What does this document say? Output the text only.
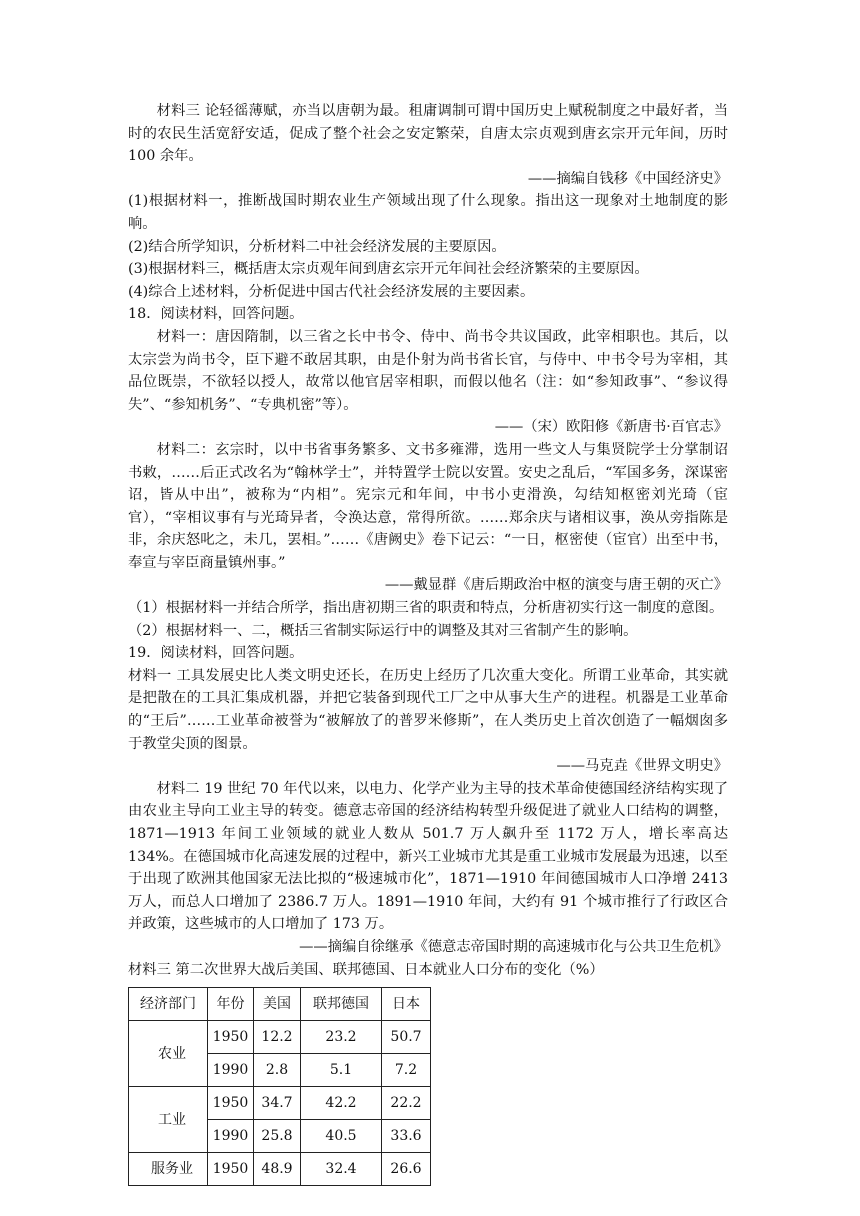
材料三 论轻徭薄赋，亦当以唐朝为最。租庸调制可谓中国历史上赋税制度之中最好者，当时的农民生活宽舒安适，促成了整个社会之安定繁荣，自唐太宗贞观到唐玄宗开元年间，历时 100 余年。

——摘编自钱移《中国经济史》

(1)根据材料一，推断战国时期农业生产领域出现了什么现象。指出这一现象对土地制度的影响。

(2)结合所学知识，分析材料二中社会经济发展的主要原因。

(3)根据材料三，概括唐太宗贞观年间到唐玄宗开元年间社会经济繁荣的主要原因。

(4)综合上述材料，分析促进中国古代社会经济发展的主要因素。

18．阅读材料，回答问题。

材料一：唐因隋制，以三省之长中书令、侍中、尚书令共议国政，此宰相职也。其后，以太宗尝为尚书令，臣下避不敢居其职，由是仆射为尚书省长官，与侍中、中书令号为宰相，其品位既崇，不欲轻以授人，故常以他官居宰相职，而假以他名（注：如“参知政事”、“参议得失”、“参知机务”、“专典机密”等）。

——（宋）欧阳修《新唐书·百官志》

材料二：玄宗时，以中书省事务繁多、文书多雍滞，选用一些文人与集贤院学士分掌制诏书敕，……后正式改名为“翰林学士”，并特置学士院以安置。安史之乱后，“军国多务，深谋密诏，皆从中出”，被称为“内相”。宪宗元和年间，中书小吏滑涣，勾结知枢密刘光琦（宦官），“宰相议事有与光琦异者，令涣达意，常得所欲。……郑余庆与诸相议事，涣从旁指陈是非，余庆怒叱之，未几，罢相。”……《唐阙史》卷下记云：“一日，枢密使（宦官）出至中书，奉宣与宰臣商量镇州事。”

——戴显群《唐后期政治中枢的演变与唐王朝的灭亡》

（1）根据材料一并结合所学，指出唐初期三省的职责和特点，分析唐初实行这一制度的意图。

（2）根据材料一、二，概括三省制实际运行中的调整及其对三省制产生的影响。

19．阅读材料，回答问题。

材料一 工具发展史比人类文明史还长，在历史上经历了几次重大变化。所谓工业革命，其实就是把散在的工具汇集成机器，并把它装备到现代工厂之中从事大生产的进程。机器是工业革命的“王后”……工业革命被誉为“被解放了的普罗米修斯”，在人类历史上首次创造了一幅烟囱多于教堂尖顶的图景。

——马克垚《世界文明史》

材料二 19 世纪 70 年代以来，以电力、化学产业为主导的技术革命使德国经济结构实现了由农业主导向工业主导的转变。德意志帝国的经济结构转型升级促进了就业人口结构的调整，1871—1913 年间工业领域的就业人数从 501.7 万人飙升至 1172 万人，增长率高达 134%。在德国城市化高速发展的过程中，新兴工业城市尤其是重工业城市发展最为迅速，以至于出现了欧洲其他国家无法比拟的“极速城市化”，1871—1910 年间德国城市人口净增 2413 万人，而总人口增加了 2386.7 万人。1891—1910 年间，大约有 91 个城市推行了行政区合并政策，这些城市的人口增加了 173 万。

——摘编自徐继承《德意志帝国时期的高速城市化与公共卫生危机》

材料三 第二次世界大战后美国、联邦德国、日本就业人口分布的变化（%）

经济部门	年份	美国	联邦德国	日本
农业	1950	12.2	23.2	50.7
	1990	2.8	5.1	7.2
工业	1950	34.7	42.2	22.2
	1990	25.8	40.5	33.6
服务业	1950	48.9	32.4	26.6
